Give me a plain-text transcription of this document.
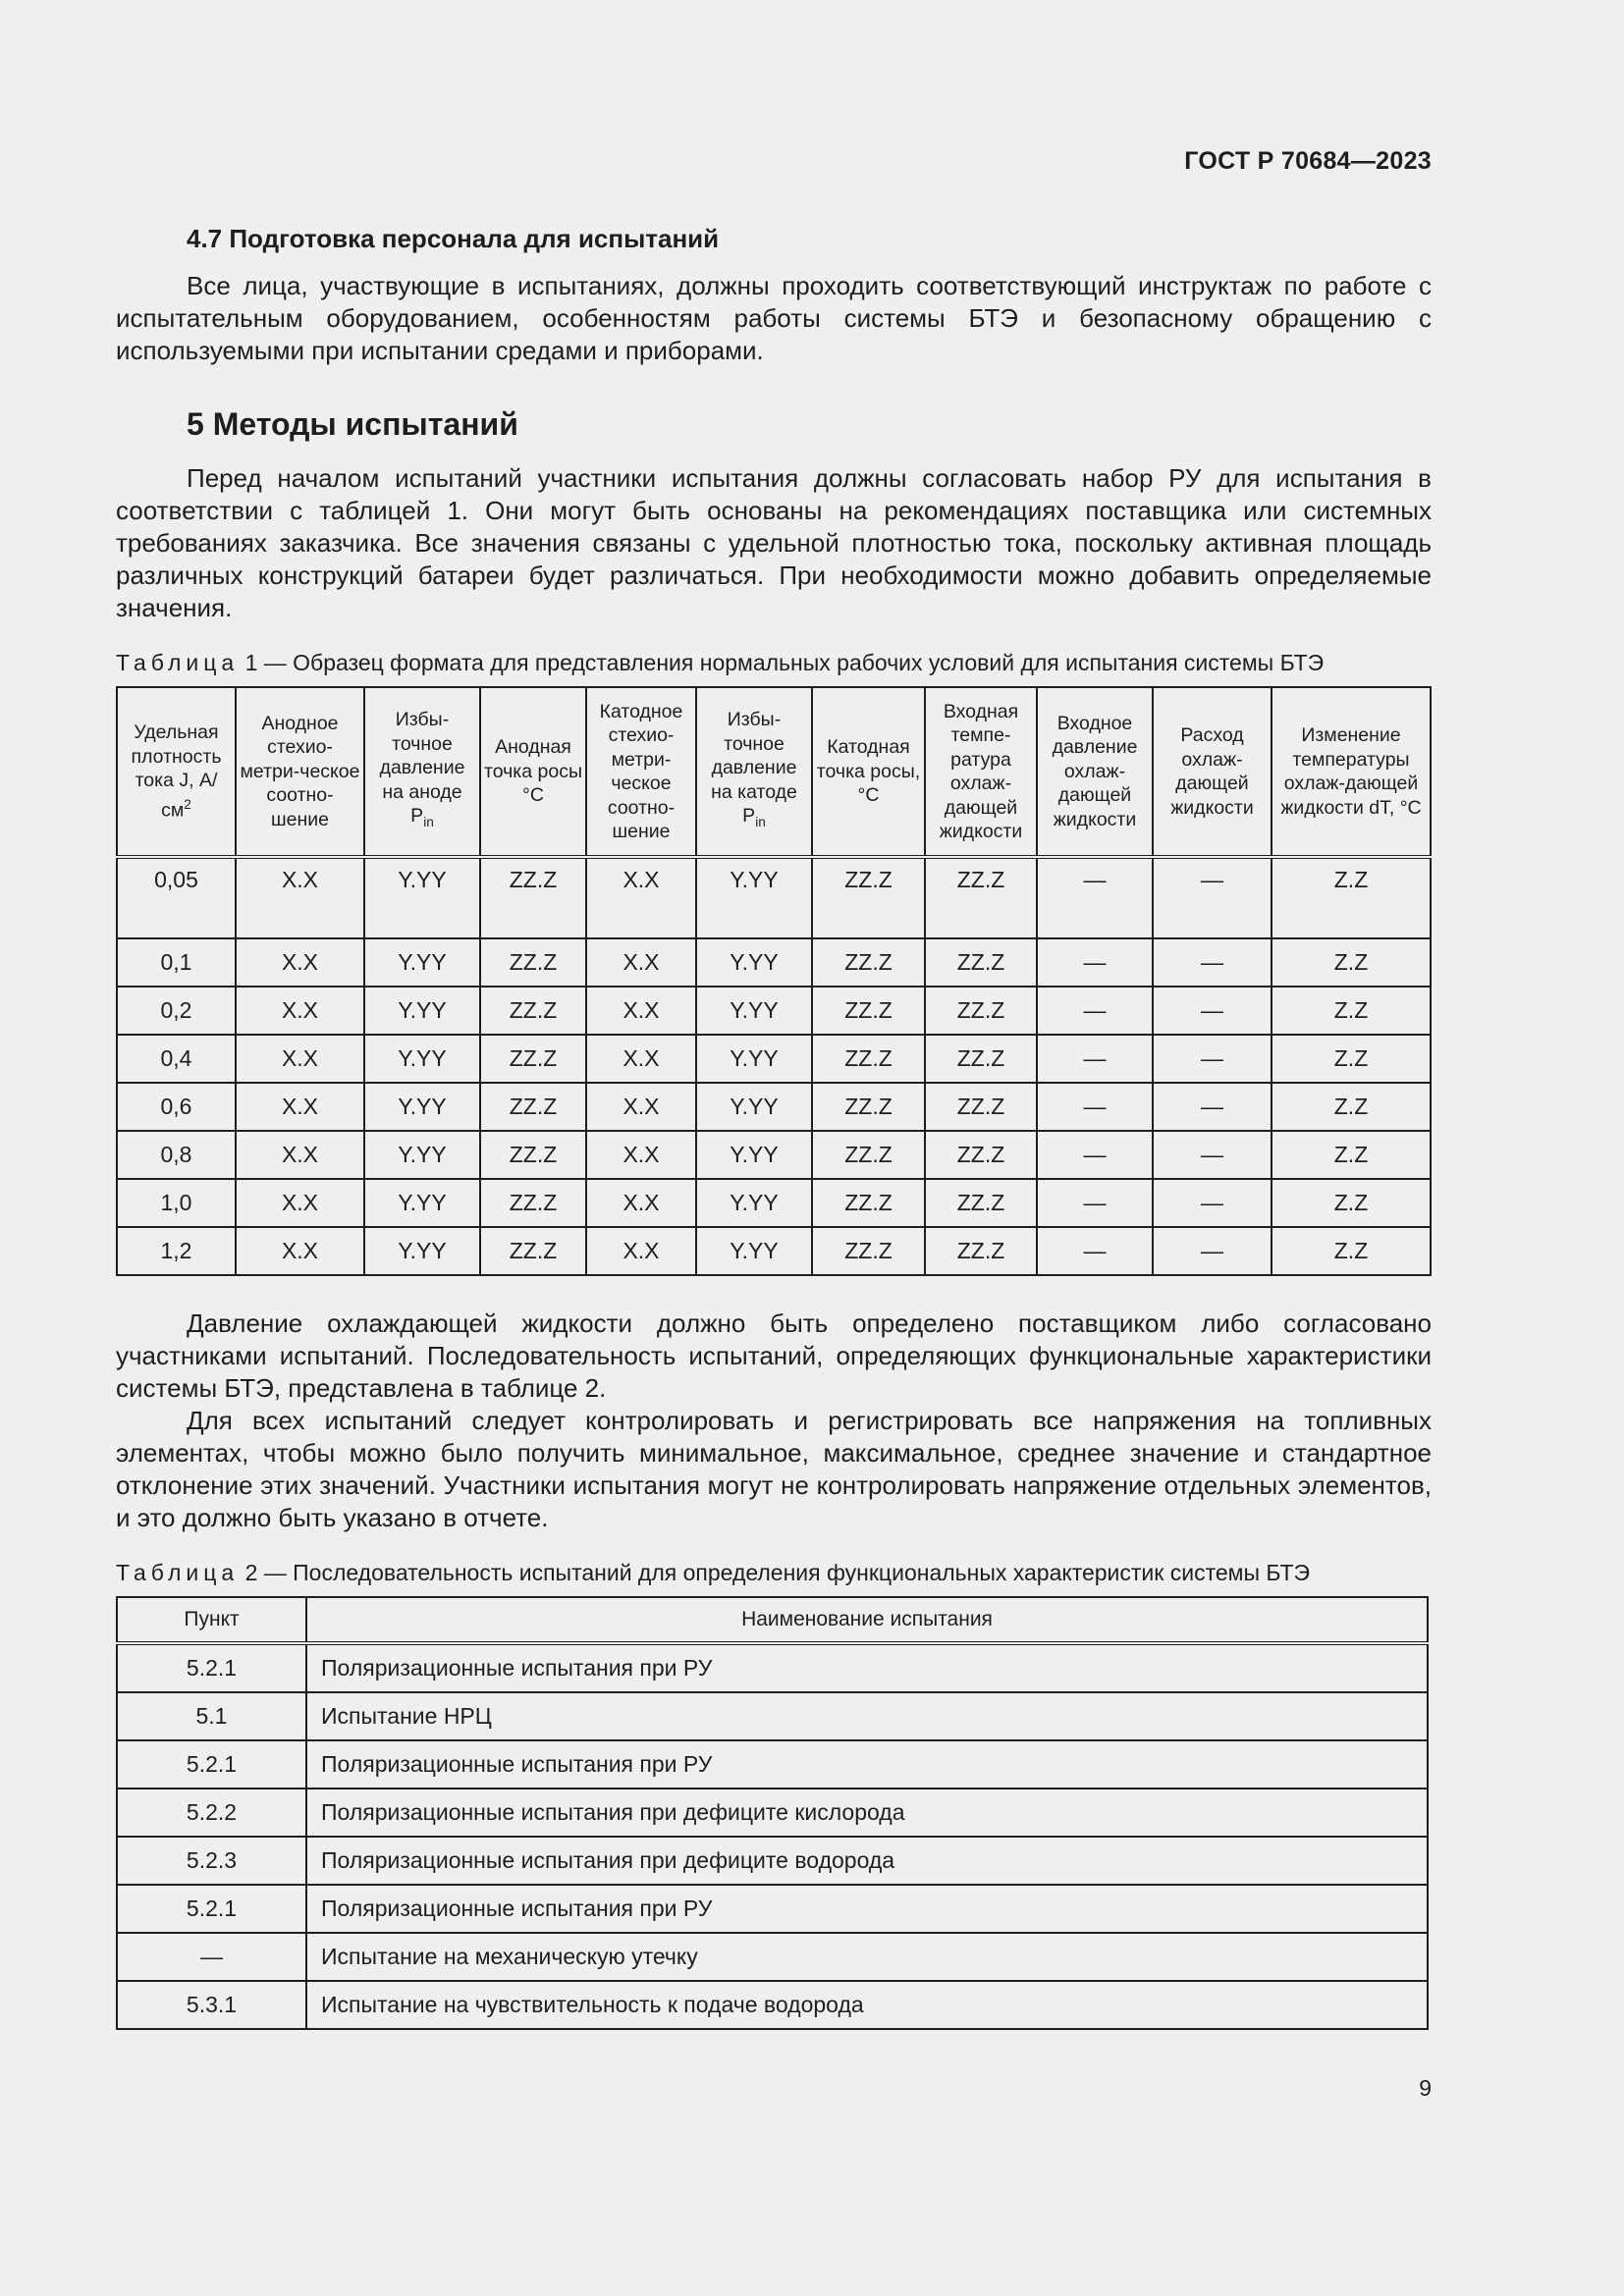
ГОСТ Р 70684—2023
4.7 Подготовка персонала для испытаний

Все лица, участвующие в испытаниях, должны проходить соответствующий инструктаж по работе с испытательным оборудованием, особенностям работы системы БТЭ и безопасному обращению с используемыми при испытании средами и приборами.

5 Методы испытаний

Перед началом испытаний участники испытания должны согласовать набор РУ для испытания в соответствии с таблицей 1. Они могут быть основаны на рекомендациях поставщика или системных требованиях заказчика. Все значения связаны с удельной плотностью тока, поскольку активная площадь различных конструкций батареи будет различаться. При необходимости можно добавить определяемые значения.

Таблица 1 — Образец формата для представления нормальных рабочих условий для испытания системы БТЭ
Удельная плотность тока J, $А/см^2$	Анодное стехио-метри-ческое соотно-шение	Избы-точное давление на аноде $P_{in}$	Анодная точка росы °С	Катодное стехио-метри-ческое соотно-шение	Избы-точное давление на катоде $P_{in}$	Катодная точка росы, °С	Входная темпе-ратура охлаж-дающей жидкости	Входное давление охлаж-дающей жидкости	Расход охлаж-дающей жидкости	Изменение температуры охлаж-дающей жидкости dT, °С
0,05	X.X	Y.YY	ZZ.Z	X.X	Y.YY	ZZ.Z	ZZ.Z	—	—	Z.Z
0,1	X.X	Y.YY	ZZ.Z	X.X	Y.YY	ZZ.Z	ZZ.Z	—	—	Z.Z
0,2	X.X	Y.YY	ZZ.Z	X.X	Y.YY	ZZ.Z	ZZ.Z	—	—	Z.Z
0,4	X.X	Y.YY	ZZ.Z	X.X	Y.YY	ZZ.Z	ZZ.Z	—	—	Z.Z
0,6	X.X	Y.YY	ZZ.Z	X.X	Y.YY	ZZ.Z	ZZ.Z	—	—	Z.Z
0,8	X.X	Y.YY	ZZ.Z	X.X	Y.YY	ZZ.Z	ZZ.Z	—	—	Z.Z
1,0	X.X	Y.YY	ZZ.Z	X.X	Y.YY	ZZ.Z	ZZ.Z	—	—	Z.Z
1,2	X.X	Y.YY	ZZ.Z	X.X	Y.YY	ZZ.Z	ZZ.Z	—	—	Z.Z

Давление охлаждающей жидкости должно быть определено поставщиком либо согласовано участниками испытаний. Последовательность испытаний, определяющих функциональные характеристики системы БТЭ, представлена в таблице 2.

Для всех испытаний следует контролировать и регистрировать все напряжения на топливных элементах, чтобы можно было получить минимальное, максимальное, среднее значение и стандартное отклонение этих значений. Участники испытания могут не контролировать напряжение отдельных элементов, и это должно быть указано в отчете.

Таблица 2 — Последовательность испытаний для определения функциональных характеристик системы БТЭ
Пункт	Наименование испытания
5.2.1	Поляризационные испытания при РУ
5.1	Испытание НРЦ
5.2.1	Поляризационные испытания при РУ
5.2.2	Поляризационные испытания при дефиците кислорода
5.2.3	Поляризационные испытания при дефиците водорода
5.2.1	Поляризационные испытания при РУ
—	Испытание на механическую утечку
5.3.1	Испытание на чувствительность к подаче водорода
9
